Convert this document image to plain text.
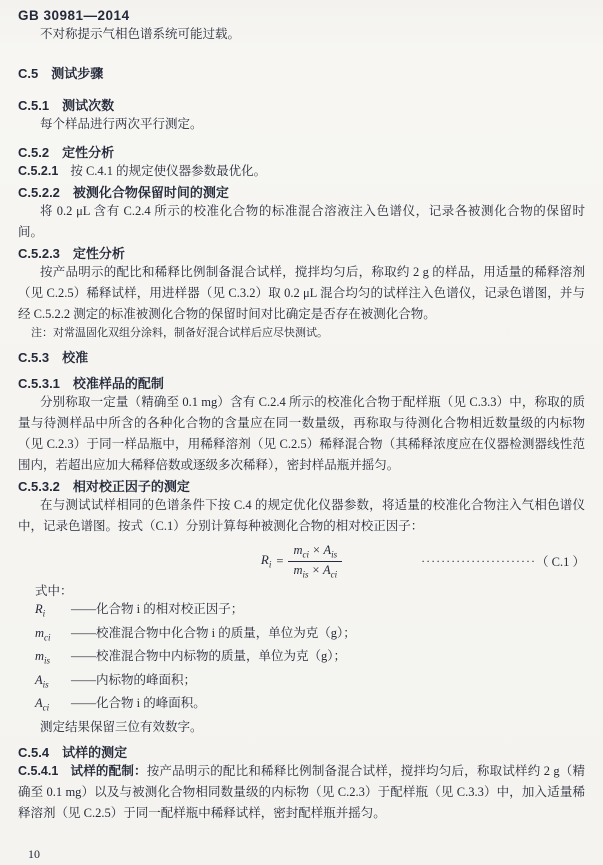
GB 30981—2014

不对称提示气相色谱系统可能过载。

C.5　测试步骤
C.5.1　测试次数

每个样品进行两次平行测定。

C.5.2　定性分析

C.5.2.1 按 C.4.1 的规定使仪器参数最优化。

C.5.2.2　被测化合物保留时间的测定

将 0.2 μL 含有 C.2.4 所示的校准化合物的标准混合溶液注入色谱仪，记录各被测化合物的保留时间。

C.5.2.3　定性分析

按产品明示的配比和稀释比例制备混合试样，搅拌均匀后，称取约 2 g 的样品，用适量的稀释溶剂（见 C.2.5）稀释试样，用进样器（见 C.3.2）取 0.2 μL 混合均匀的试样注入色谱仪，记录色谱图，并与经 C.5.2.2 测定的标准被测化合物的保留时间对比确定是否存在被测化合物。

注：对常温固化双组分涂料，制备好混合试样后应尽快测试。

C.5.3　校准
C.5.3.1　校准样品的配制

分别称取一定量（精确至 0.1 mg）含有 C.2.4 所示的校准化合物于配样瓶（见 C.3.3）中，称取的质量与待测样品中所含的各种化合物的含量应在同一数量级，再称取与待测化合物相近数量级的内标物（见 C.2.3）于同一样品瓶中，用稀释溶剂（见 C.2.5）稀释混合物（其稀释浓度应在仪器检测器线性范围内，若超出应加大稀释倍数或逐级多次稀释），密封样品瓶并摇匀。

C.5.3.2　相对校正因子的测定

在与测试试样相同的色谱条件下按 C.4 的规定优化仪器参数，将适量的校准化合物注入气相色谱仪中，记录色谱图。按式（C.1）分别计算每种被测化合物的相对校正因子：

$R_i = \frac{m_{ci} \times A_{is}}{m_{is} \times A_{ci}}$	······················· （ C.1 ）

式中：

$R_i$	——化合物 i 的相对校正因子；
$m_{ci}$	——校准混合物中化合物 i 的质量，单位为克（g）；
$m_{is}$	——校准混合物中内标物的质量，单位为克（g）；
$A_{is}$	——内标物的峰面积；
$A_{ci}$	——化合物 i 的峰面积。

测定结果保留三位有效数字。

C.5.4　试样的测定

C.5.4.1 试样的配制：按产品明示的配比和稀释比例制备混合试样，搅拌均匀后，称取试样约 2 g（精确至 0.1 mg）以及与被测化合物相同数量级的内标物（见 C.2.3）于配样瓶（见 C.3.3）中，加入适量稀释溶剂（见 C.2.5）于同一配样瓶中稀释试样，密封配样瓶并摇匀。

10
